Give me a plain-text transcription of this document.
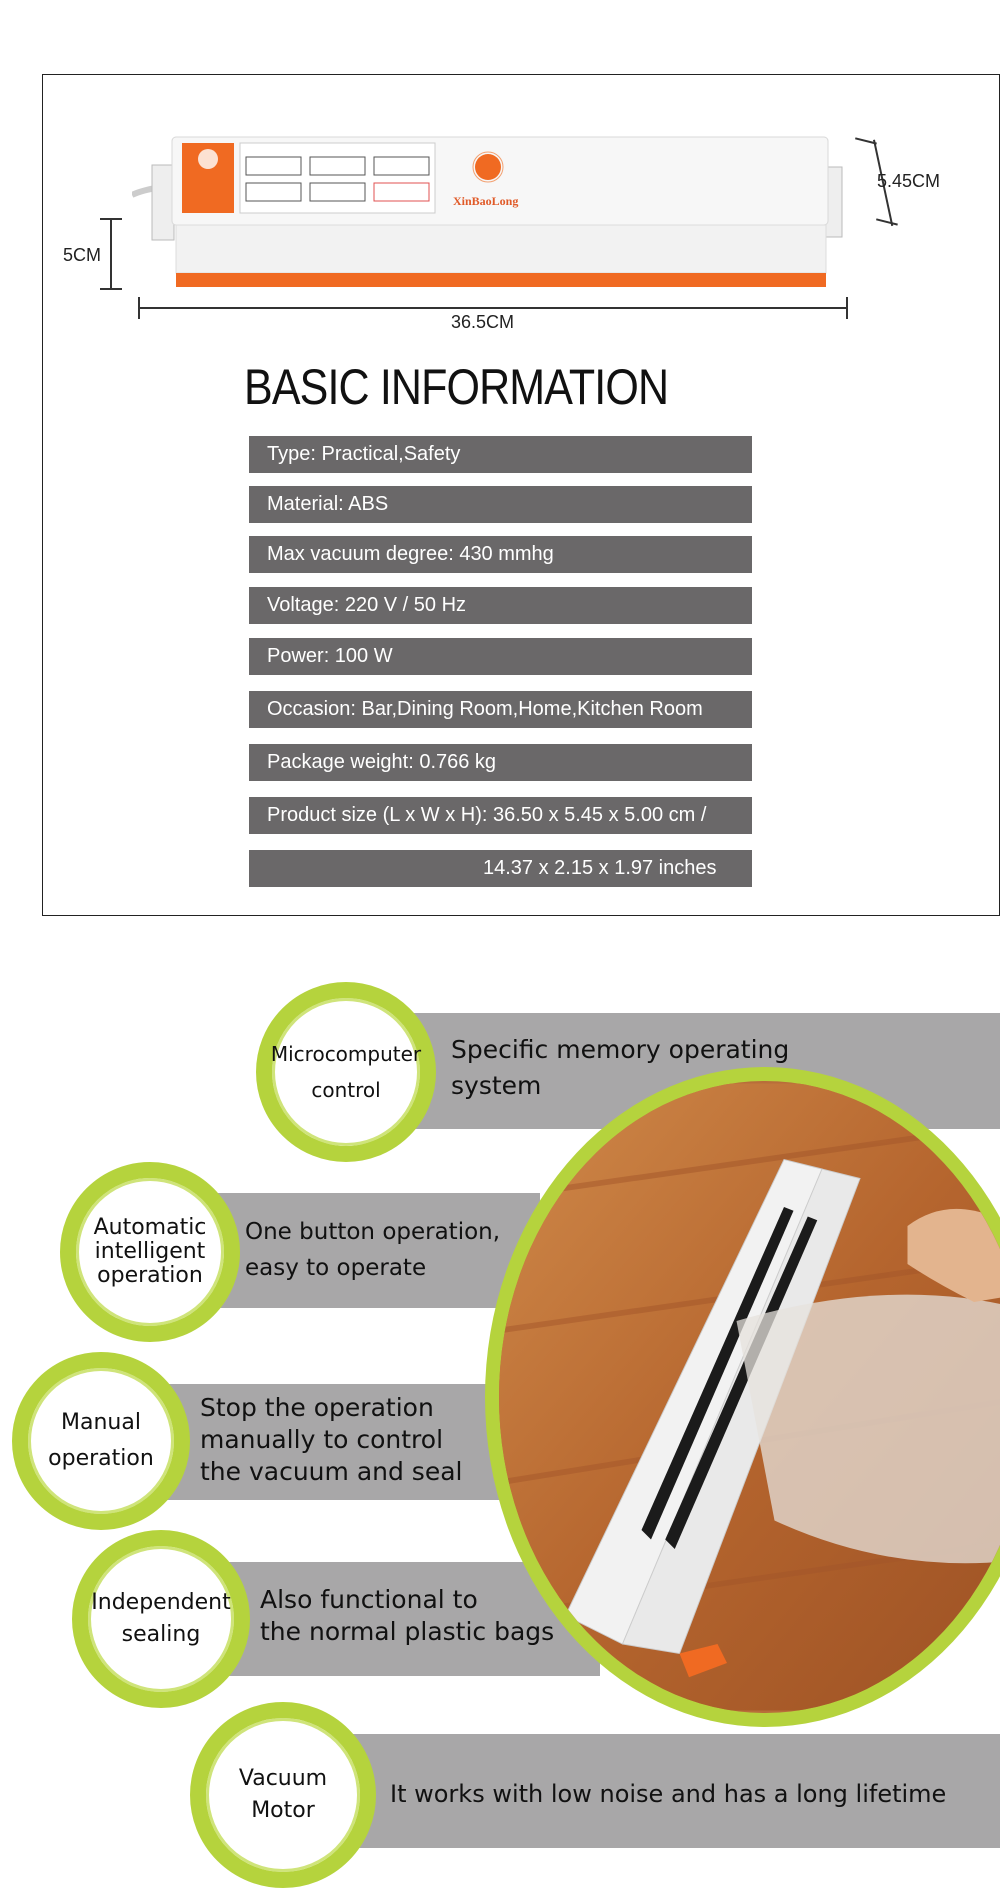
XinBaoLong
5CM
5.45CM
36.5CM
BASIC INFORMATION
Type: Practical,Safety
Material: ABS
Max vacuum degree: 430 mmhg
Voltage: 220 V / 50 Hz
Power: 100 W
Occasion: Bar,Dining Room,Home,Kitchen Room
Package weight: 0.766 kg
Product size (L x W x H): 36.50 x 5.45 x 5.00 cm /
14.37 x 2.15 x 1.97 inches
Specific memory operating
system
One button operation,
easy to operate
Stop the operation
manually to control
the vacuum and seal
Also functional to
the normal plastic bags
It works with low noise and has a long lifetime
Microcomputer
control
Automatic
intelligent
operation
Manual
operation
Independent
sealing
Vacuum
Motor
